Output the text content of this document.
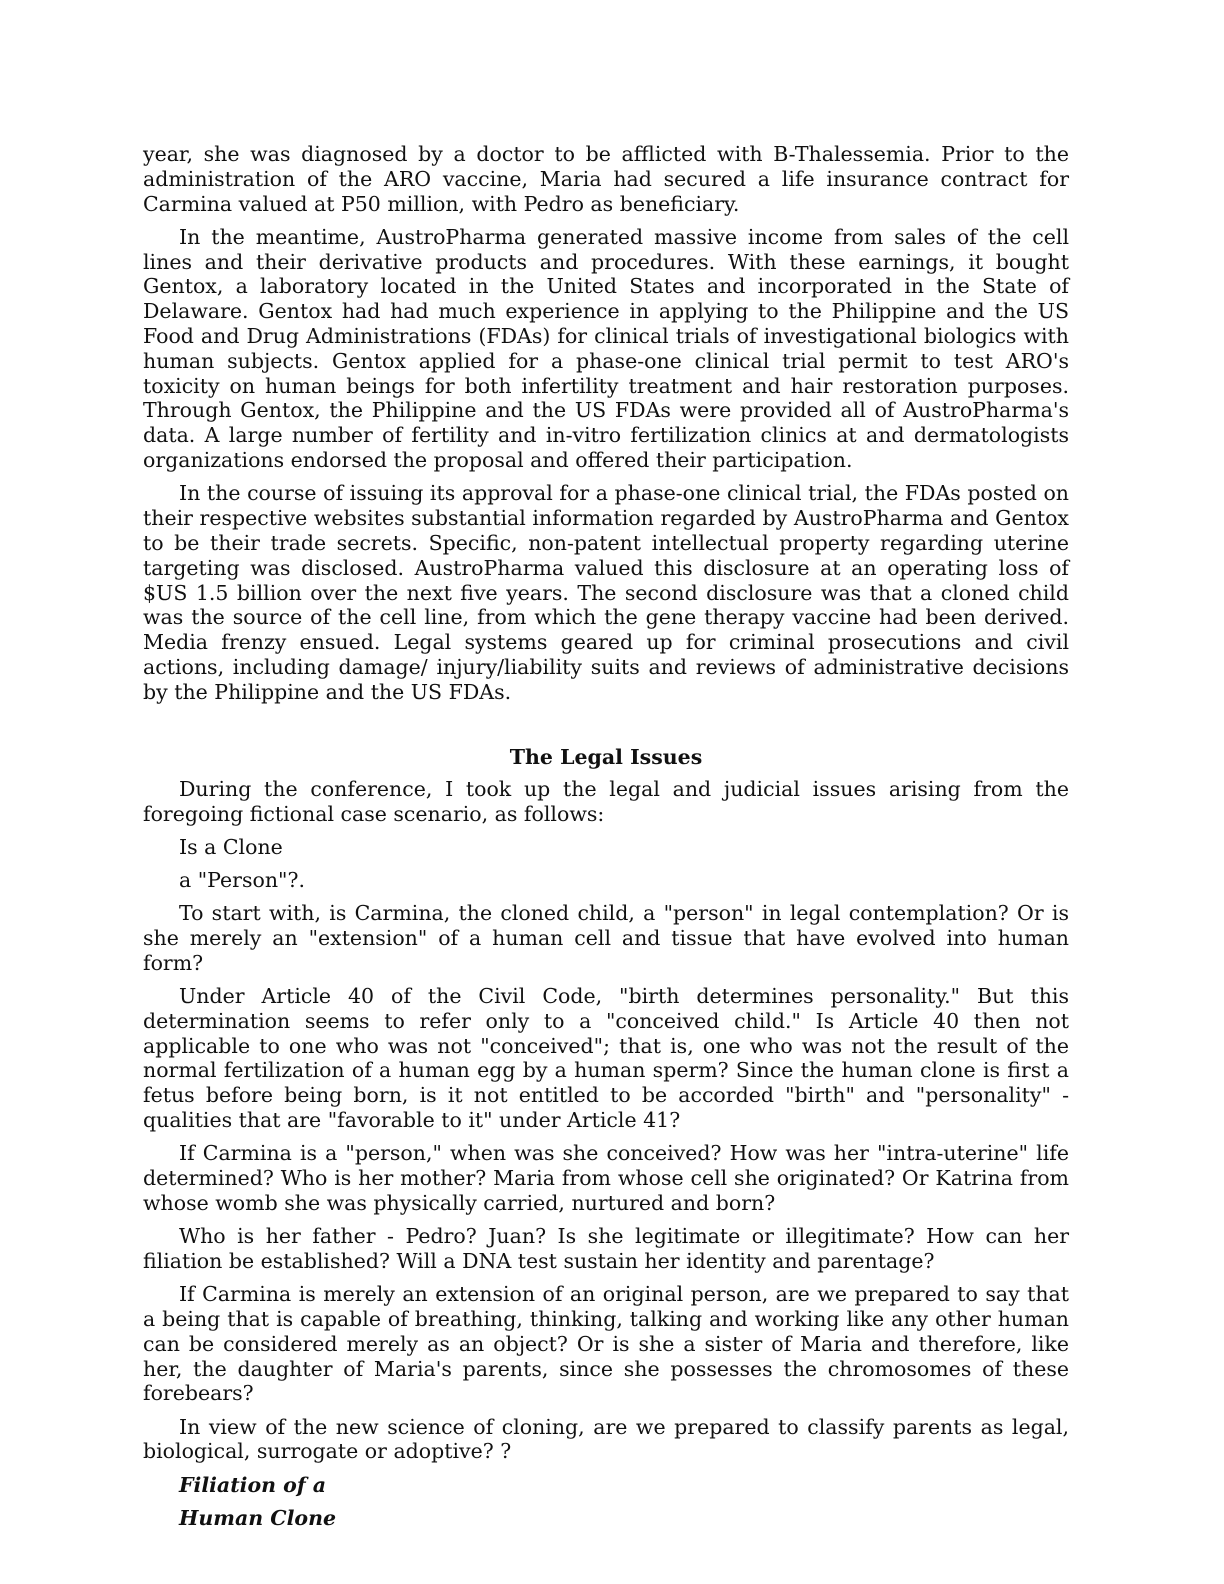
year, she was diagnosed by a doctor to be afflicted with B-Thalessemia. Prior to the administration of the ARO vaccine, Maria had secured a life insurance contract for Carmina valued at P50 million, with Pedro as beneficiary.

In the meantime, AustroPharma generated massive income from sales of the cell lines and their derivative products and procedures. With these earnings, it bought Gentox, a laboratory located in the United States and incorporated in the State of Delaware. Gentox had had much experience in applying to the Philippine and the US Food and Drug Administrations (FDAs) for clinical trials of investigational biologics with human subjects. Gentox applied for a phase-one clinical trial permit to test ARO's toxicity on human beings for both infertility treatment and hair restoration purposes. Through Gentox, the Philippine and the US FDAs were provided all of AustroPharma's data. A large number of fertility and in-vitro fertilization clinics at and dermatologists organizations endorsed the proposal and offered their participation.

In the course of issuing its approval for a phase-one clinical trial, the FDAs posted on their respective websites substantial information regarded by AustroPharma and Gentox to be their trade secrets. Specific, non-patent intellectual property regarding uterine targeting was disclosed. AustroPharma valued this disclosure at an operating loss of $US 1.5 billion over the next five years. The second disclosure was that a cloned child was the source of the cell line, from which the gene therapy vaccine had been derived. Media frenzy ensued. Legal systems geared up for criminal prosecutions and civil actions, including damage/ injury/liability suits and reviews of administrative decisions by the Philippine and the US FDAs.

The Legal Issues

During the conference, I took up the legal and judicial issues arising from the foregoing fictional case scenario, as follows:

Is a Clone
a "Person"?.

To start with, is Carmina, the cloned child, a "person" in legal contemplation? Or is she merely an "extension" of a human cell and tissue that have evolved into human form?

Under Article 40 of the Civil Code, "birth determines personality." But this determination seems to refer only to a "conceived child." Is Article 40 then not applicable to one who was not "conceived"; that is, one who was not the result of the normal fertilization of a human egg by a human sperm? Since the human clone is first a fetus before being born, is it not entitled to be accorded "birth" and "personality" - qualities that are "favorable to it" under Article 41?

If Carmina is a "person," when was she conceived? How was her "intra-uterine" life determined? Who is her mother? Maria from whose cell she originated? Or Katrina from whose womb she was physically carried, nurtured and born?

Who is her father - Pedro? Juan? Is she legitimate or illegitimate? How can her filiation be established? Will a DNA test sustain her identity and parentage?

If Carmina is merely an extension of an original person, are we prepared to say that a being that is capable of breathing, thinking, talking and working like any other human can be considered merely as an object? Or is she a sister of Maria and therefore, like her, the daughter of Maria's parents, since she possesses the chromosomes of these forebears?

In view of the new science of cloning, are we prepared to classify parents as legal, biological, surrogate or adoptive? ?

Filiation of a
Human Clone
